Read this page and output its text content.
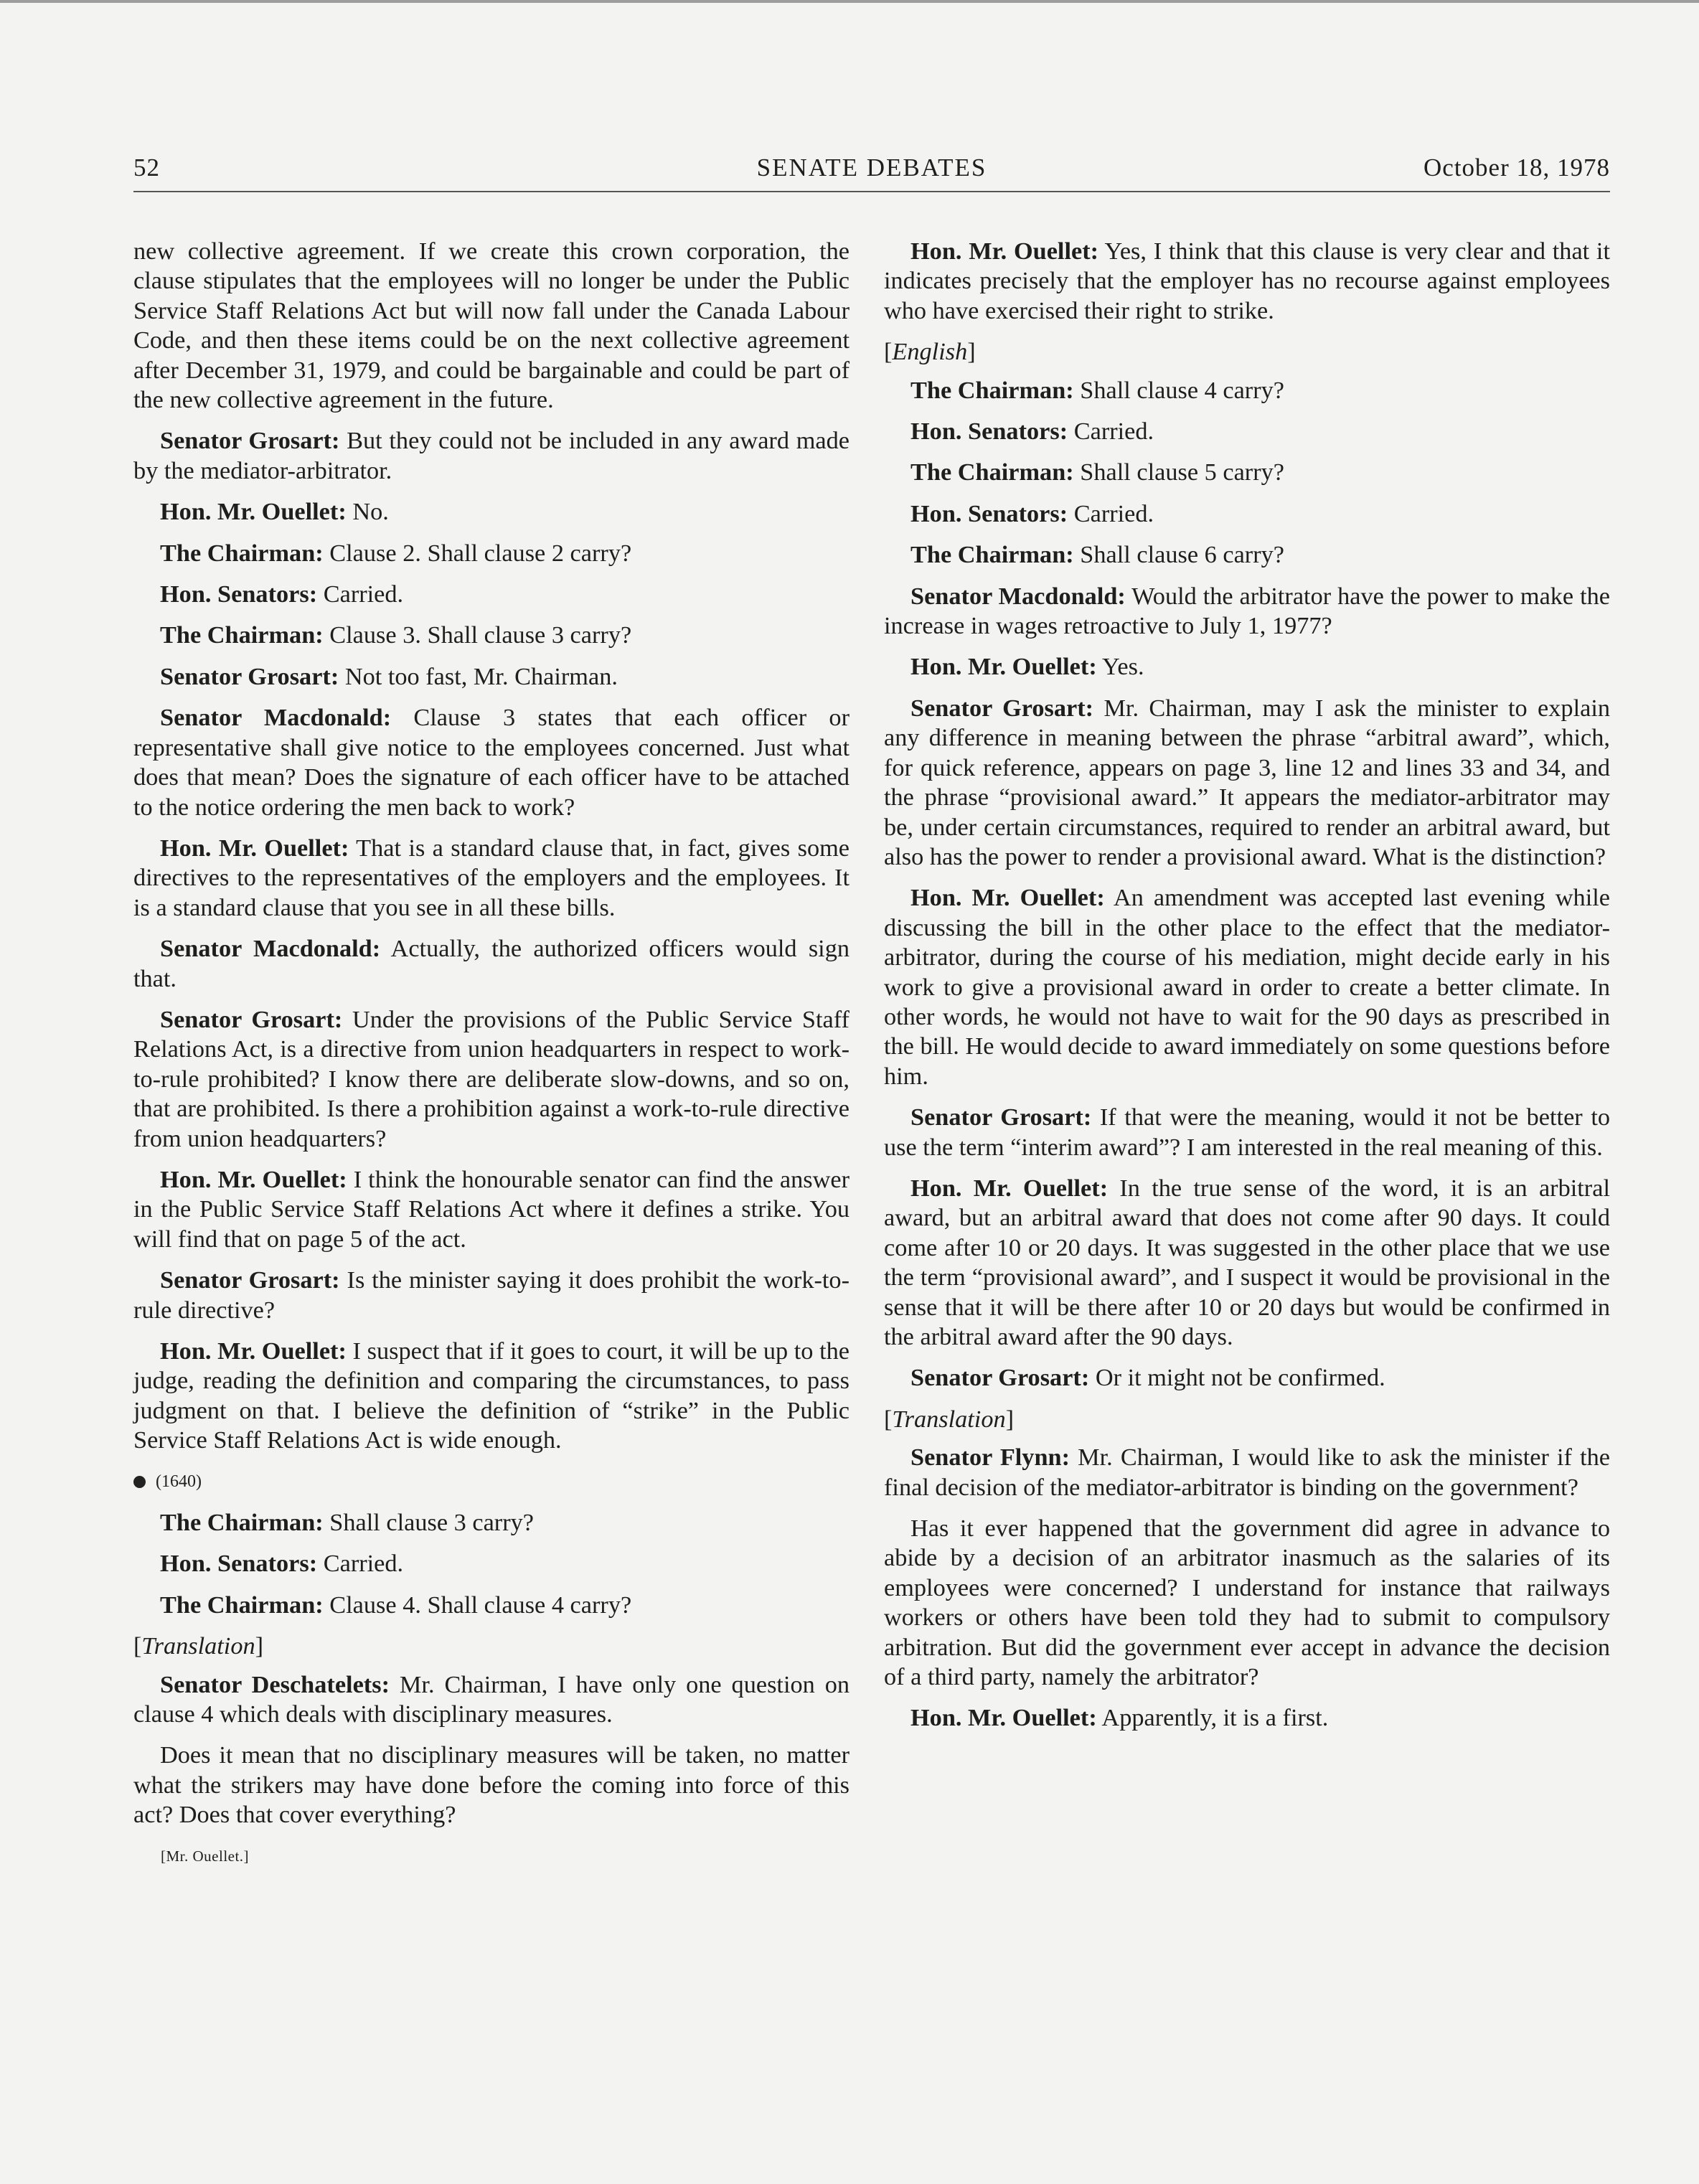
52	SENATE DEBATES	October 18, 1978

new collective agreement. If we create this crown corporation, the clause stipulates that the employees will no longer be under the Public Service Staff Relations Act but will now fall under the Canada Labour Code, and then these items could be on the next collective agreement after December 31, 1979, and could be bargainable and could be part of the new collective agreement in the future.

Senator Grosart: But they could not be included in any award made by the mediator-arbitrator.

Hon. Mr. Ouellet: No.

The Chairman: Clause 2. Shall clause 2 carry?

Hon. Senators: Carried.

The Chairman: Clause 3. Shall clause 3 carry?

Senator Grosart: Not too fast, Mr. Chairman.

Senator Macdonald: Clause 3 states that each officer or representative shall give notice to the employees concerned. Just what does that mean? Does the signature of each officer have to be attached to the notice ordering the men back to work?

Hon. Mr. Ouellet: That is a standard clause that, in fact, gives some directives to the representatives of the employers and the employees. It is a standard clause that you see in all these bills.

Senator Macdonald: Actually, the authorized officers would sign that.

Senator Grosart: Under the provisions of the Public Service Staff Relations Act, is a directive from union headquarters in respect to work-to-rule prohibited? I know there are deliberate slow-downs, and so on, that are prohibited. Is there a prohibition against a work-to-rule directive from union headquarters?

Hon. Mr. Ouellet: I think the honourable senator can find the answer in the Public Service Staff Relations Act where it defines a strike. You will find that on page 5 of the act.

Senator Grosart: Is the minister saying it does prohibit the work-to-rule directive?

Hon. Mr. Ouellet: I suspect that if it goes to court, it will be up to the judge, reading the definition and comparing the circumstances, to pass judgment on that. I believe the definition of “strike” in the Public Service Staff Relations Act is wide enough.

(1640)

The Chairman: Shall clause 3 carry?

Hon. Senators: Carried.

The Chairman: Clause 4. Shall clause 4 carry?

[Translation]

Senator Deschatelets: Mr. Chairman, I have only one question on clause 4 which deals with disciplinary measures.

Does it mean that no disciplinary measures will be taken, no matter what the strikers may have done before the coming into force of this act? Does that cover everything?

[Mr. Ouellet.]

Hon. Mr. Ouellet: Yes, I think that this clause is very clear and that it indicates precisely that the employer has no recourse against employees who have exercised their right to strike.

[English]

The Chairman: Shall clause 4 carry?

Hon. Senators: Carried.

The Chairman: Shall clause 5 carry?

Hon. Senators: Carried.

The Chairman: Shall clause 6 carry?

Senator Macdonald: Would the arbitrator have the power to make the increase in wages retroactive to July 1, 1977?

Hon. Mr. Ouellet: Yes.

Senator Grosart: Mr. Chairman, may I ask the minister to explain any difference in meaning between the phrase “arbitral award”, which, for quick reference, appears on page 3, line 12 and lines 33 and 34, and the phrase “provisional award.” It appears the mediator-arbitrator may be, under certain circumstances, required to render an arbitral award, but also has the power to render a provisional award. What is the distinction?

Hon. Mr. Ouellet: An amendment was accepted last evening while discussing the bill in the other place to the effect that the mediator-arbitrator, during the course of his mediation, might decide early in his work to give a provisional award in order to create a better climate. In other words, he would not have to wait for the 90 days as prescribed in the bill. He would decide to award immediately on some questions before him.

Senator Grosart: If that were the meaning, would it not be better to use the term “interim award”? I am interested in the real meaning of this.

Hon. Mr. Ouellet: In the true sense of the word, it is an arbitral award, but an arbitral award that does not come after 90 days. It could come after 10 or 20 days. It was suggested in the other place that we use the term “provisional award”, and I suspect it would be provisional in the sense that it will be there after 10 or 20 days but would be confirmed in the arbitral award after the 90 days.

Senator Grosart: Or it might not be confirmed.

[Translation]

Senator Flynn: Mr. Chairman, I would like to ask the minister if the final decision of the mediator-arbitrator is binding on the government?

Has it ever happened that the government did agree in advance to abide by a decision of an arbitrator inasmuch as the salaries of its employees were concerned? I understand for instance that railways workers or others have been told they had to submit to compulsory arbitration. But did the government ever accept in advance the decision of a third party, namely the arbitrator?

Hon. Mr. Ouellet: Apparently, it is a first.
